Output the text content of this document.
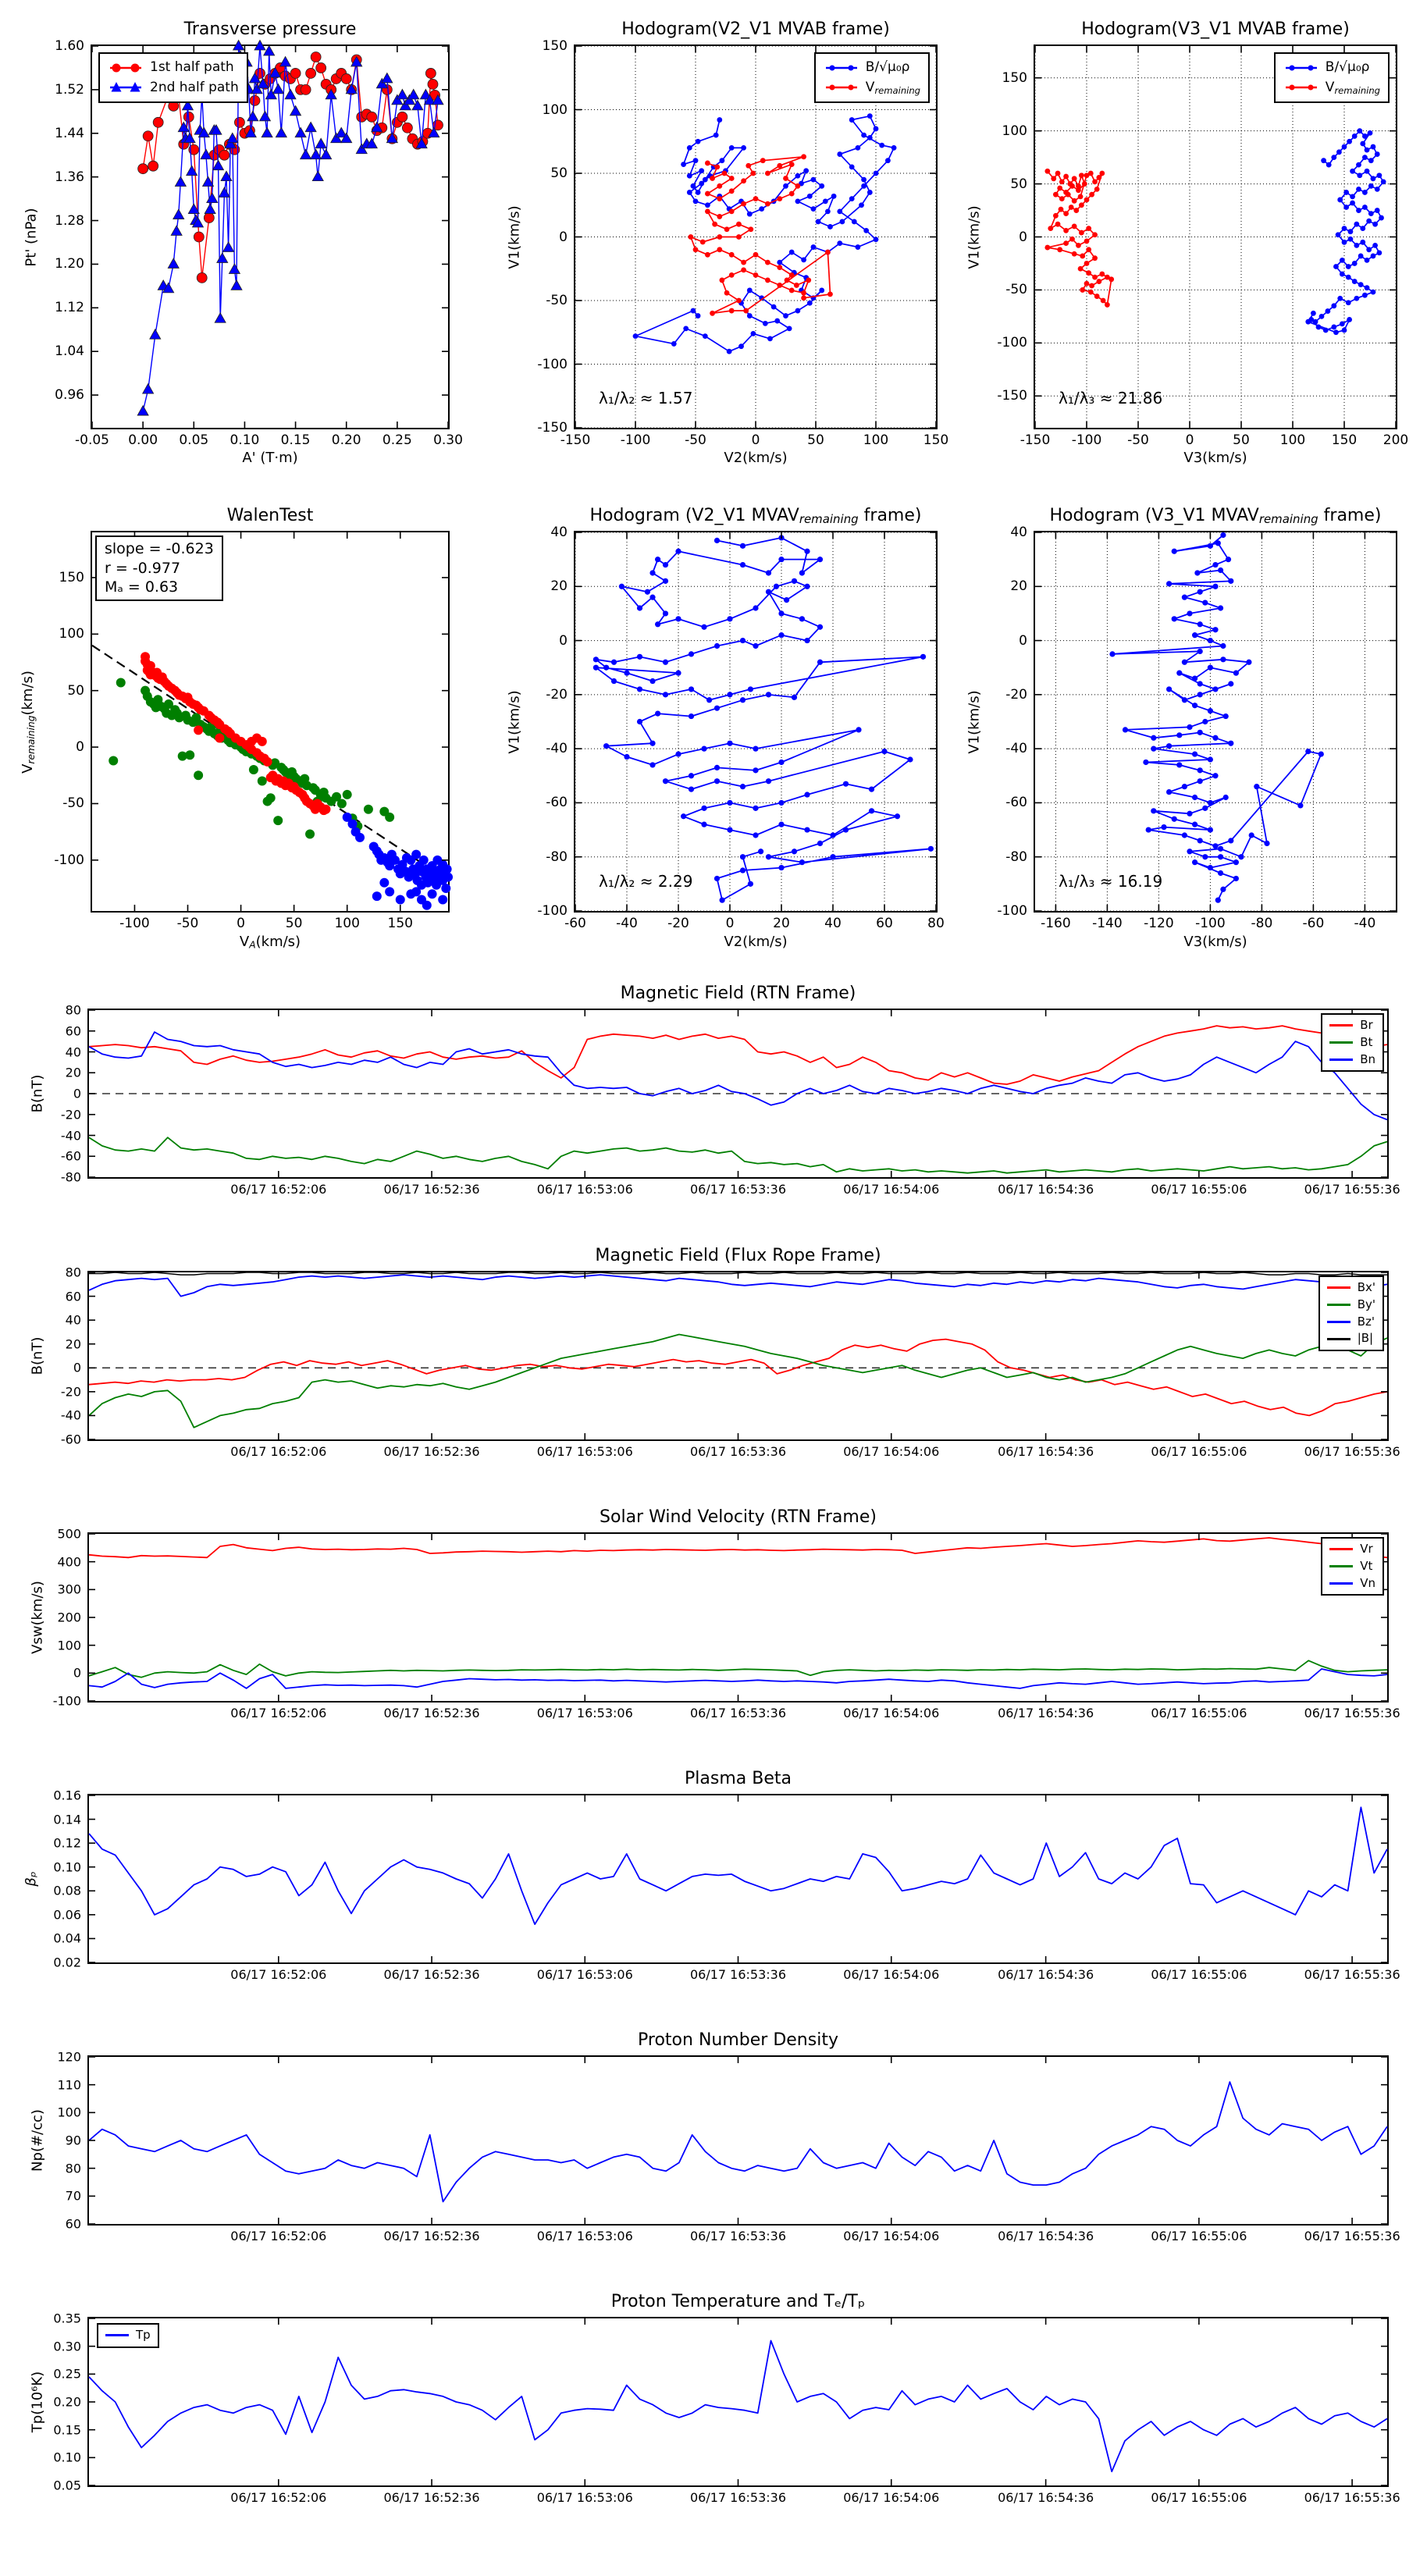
Transverse pressure
Pt' (nPa)
A' (T·m)
1st half path
2nd half path
-0.05 0.00 0.05 0.10 0.15 0.20 0.25 0.30
0.96
1.04
1.12
1.20
1.28
1.36
1.44
1.52
1.60
Hodogram(V2_V1 MVAB frame)
V1(km/s)
V2(km/s)
B/√μ₀ρ
Vremaining
λ₁/λ₂ ≈ 1.57
-150 -100	-50	0	50	100	150
-150
-100
-50
0
50
100
150
Hodogram(V3_V1 MVAB frame)
V1(km/s)
V3(km/s)
B/√μ₀ρ
Vremaining
λ₁/λ₃ ≈ 21.86
-150 -100 -50	0	50 100 150 200
-150
-100
-50
0
50
100
150
WalenTest
Vremaining(km/s)
VA(km/s)
slope = -0.623
r = -0.977
Mₐ = 0.63
-100 -50	0	50 100 150
-100
-50
0
50
100
150
Hodogram (V2_V1 MVAVremaining frame)
V1(km/s)
V2(km/s)
λ₁/λ₂ ≈ 2.29
-60 -40 -20	0	20	40	60	80
-100
-80
-60
-40
-20
0
20
40
Hodogram (V3_V1 MVAVremaining frame)
V1(km/s)
V3(km/s)
λ₁/λ₃ ≈ 16.19
-160 -140 -120 -100 -80 -60 -40
-100
-80
-60
-40
-20
0
20
40
Magnetic Field (RTN Frame)
B(nT)
Br
Bt
Bn
06/17 16:52:06	06/17 16:52:36	06/17 16:53:06	06/17 16:53:36	06/17 16:54:06	06/17 16:54:36	06/17 16:55:06	06/17 16:55:36
-80
-60
-40
-20
0
20
40
60
80
Magnetic Field (Flux Rope Frame)
B(nT)
Bx'
By'
Bz'
|B|
06/17 16:52:06	06/17 16:52:36	06/17 16:53:06	06/17 16:53:36	06/17 16:54:06	06/17 16:54:36	06/17 16:55:06	06/17 16:55:36
-60
-40
-20
0
20
40
60
80
Solar Wind Velocity (RTN Frame)
Vsw(km/s)
Vr
Vt
Vn
06/17 16:52:06	06/17 16:52:36	06/17 16:53:06	06/17 16:53:36	06/17 16:54:06	06/17 16:54:36	06/17 16:55:06	06/17 16:55:36
-100
0
100
200
300
400
500
Plasma Beta
βₚ
06/17 16:52:06	06/17 16:52:36	06/17 16:53:06	06/17 16:53:36	06/17 16:54:06	06/17 16:54:36	06/17 16:55:06	06/17 16:55:36
0.02
0.04
0.06
0.08
0.10
0.12
0.14
0.16
Proton Number Density
Np(#/cc)
06/17 16:52:06	06/17 16:52:36	06/17 16:53:06	06/17 16:53:36	06/17 16:54:06	06/17 16:54:36	06/17 16:55:06	06/17 16:55:36
60
70
80
90
100
110
120
Proton Temperature and Tₑ/Tₚ
Tp(10⁶K)
Tp
06/17 16:52:06	06/17 16:52:36	06/17 16:53:06	06/17 16:53:36	06/17 16:54:06	06/17 16:54:36	06/17 16:55:06	06/17 16:55:36
0.05
0.10
0.15
0.20
0.25
0.30
0.35
